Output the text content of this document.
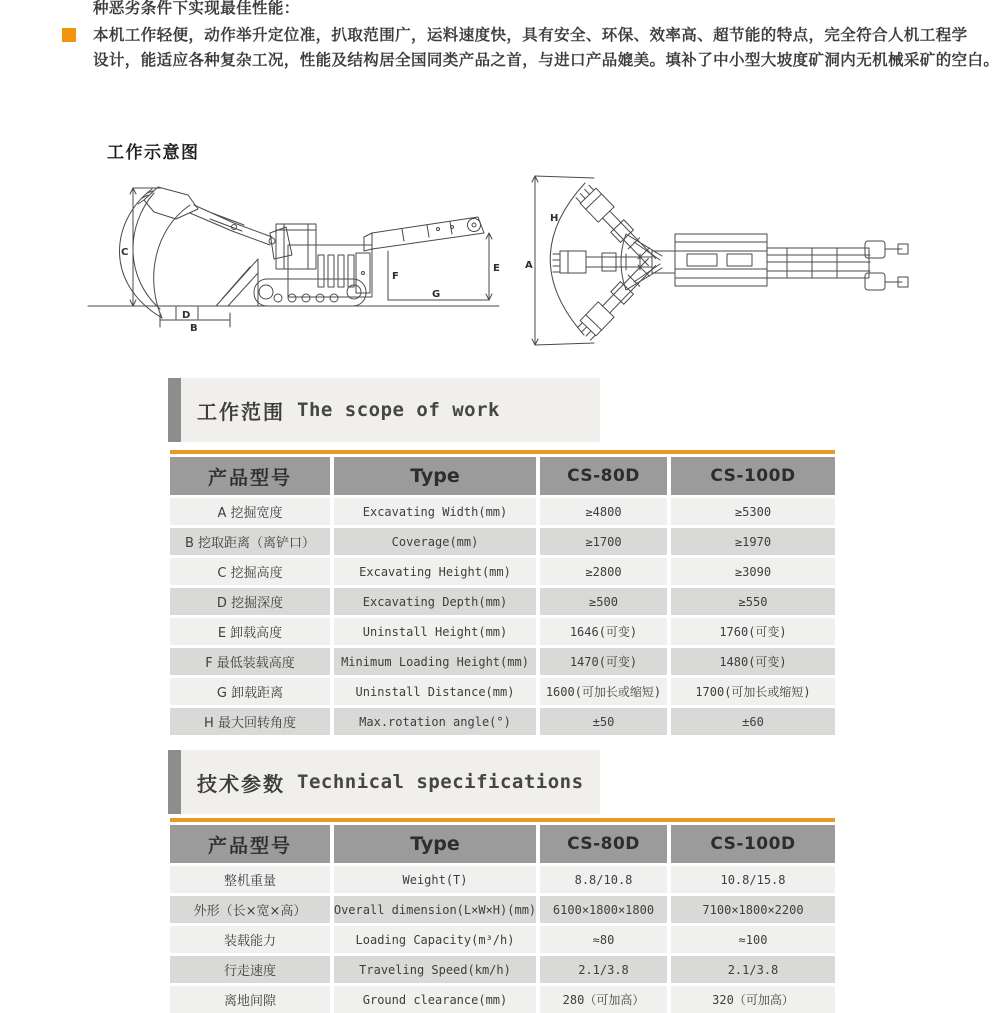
种恶劣条件下实现最佳性能：
本机工作轻便，动作举升定位准，扒取范围广，运料速度快，具有安全、环保、效率高、超节能的特点，完全符合人机工程学
设计，能适应各种复杂工况，性能及结构居全国同类产品之首，与进口产品媲美。填补了中小型大坡度矿洞内无机械采矿的空白。
工作示意图
C
D
B
F
G
E	A
H
工作范围 The scope of work
产品型号	Type	CS-80D	CS-100D
A 挖掘宽度	Excavating Width(mm)	≥4800	≥5300
B 挖取距离（离铲口）	Coverage(mm)	≥1700	≥1970
C 挖掘高度	Excavating Height(mm)	≥2800	≥3090
D 挖掘深度	Excavating Depth(mm)	≥500	≥550
E 卸载高度	Uninstall Height(mm)	1646(可变)	1760(可变)
F 最低装载高度	Minimum Loading Height(mm)	1470(可变)	1480(可变)
G 卸载距离	Uninstall Distance(mm)	1600(可加长或缩短)	1700(可加长或缩短)
H 最大回转角度	Max.rotation angle(°)	±50	±60
技术参数 Technical specifications
产品型号	Type	CS-80D	CS-100D
整机重量	Weight(T)	8.8/10.8	10.8/15.8
外形（长×宽×高）	Overall dimension(L×W×H)(mm)	6100×1800×1800	7100×1800×2200
装载能力	Loading Capacity(m³/h)	≈80	≈100
行走速度	Traveling Speed(km/h)	2.1/3.8	2.1/3.8
离地间隙	Ground clearance(mm)	280（可加高）	320（可加高）
